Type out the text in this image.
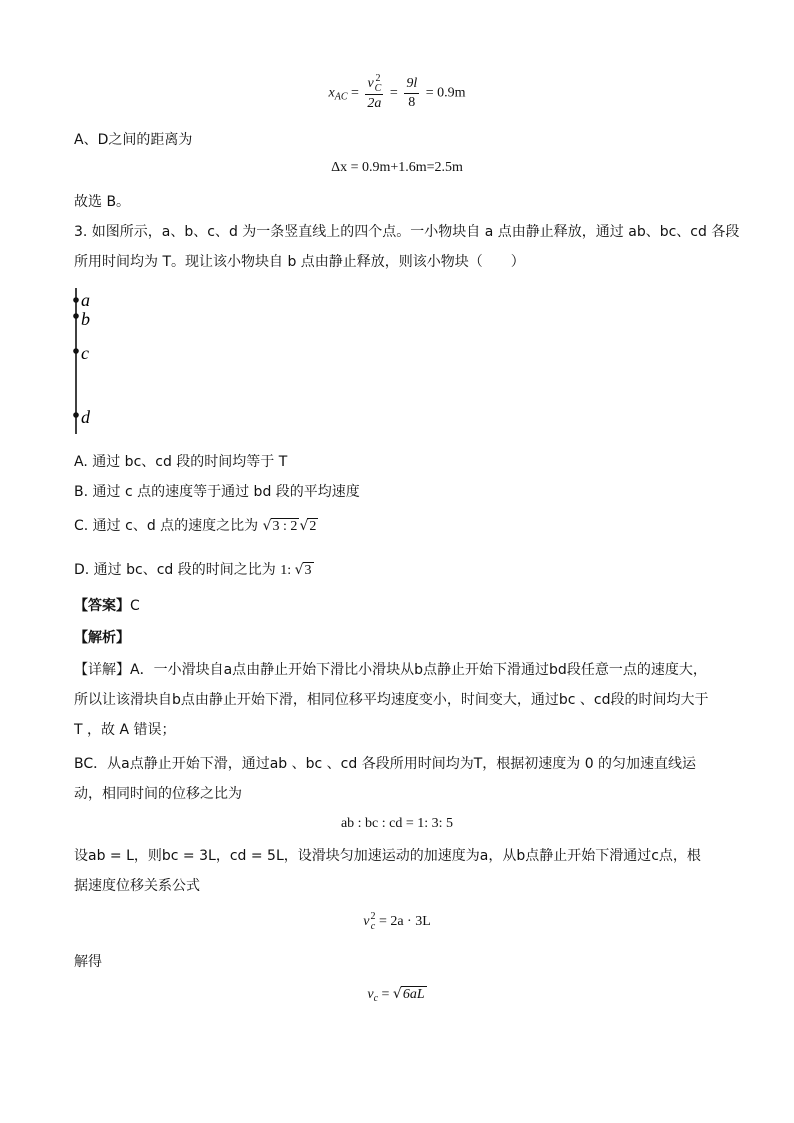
$x_{AC} = v$ 2
C
$2a = \frac{9l}{8} = 0.9m$
A、D之间的距离为
Δx = 0.9m+1.6m=2.5m
故选 B。
3. 如图所示，a、b、c、d 为一条竖直线上的四个点。一小物块自 a 点由静止释放，通过 ab、bc、cd 各段
所用时间均为 T。现让该小物块自 b 点由静止释放，则该小物块（　　）
a
b
c
d
A. 通过 bc、cd 段的时间均等于 T
B. 通过 c 点的速度等于通过 bd 段的平均速度
C. 通过 c、d 点的速度之比为 √3 : 2 √2
D. 通过 bc、cd 段的时间之比为 1: √3
【答案】C
【解析】
【详解】A．一小滑块自a点由静止开始下滑比小滑块从b点静止开始下滑通过bd段任意一点的速度大，
所以让该滑块自b点由静止开始下滑，相同位移平均速度变小，时间变大，通过bc 、cd段的时间均大于
T ，故 A 错误；
BC．从a点静止开始下滑，通过ab 、bc 、cd 各段所用时间均为T，根据初速度为 0 的匀加速直线运
动，相同时间的位移之比为
ab : bc : cd = 1: 3: 5
设ab = L，则bc = 3L，cd = 5L，设滑块匀加速运动的加速度为a，从b点静止开始下滑通过c点，根
据速度位移关系公式
v 2
c = 2a · 3L
解得
$v_c = √6aL$
